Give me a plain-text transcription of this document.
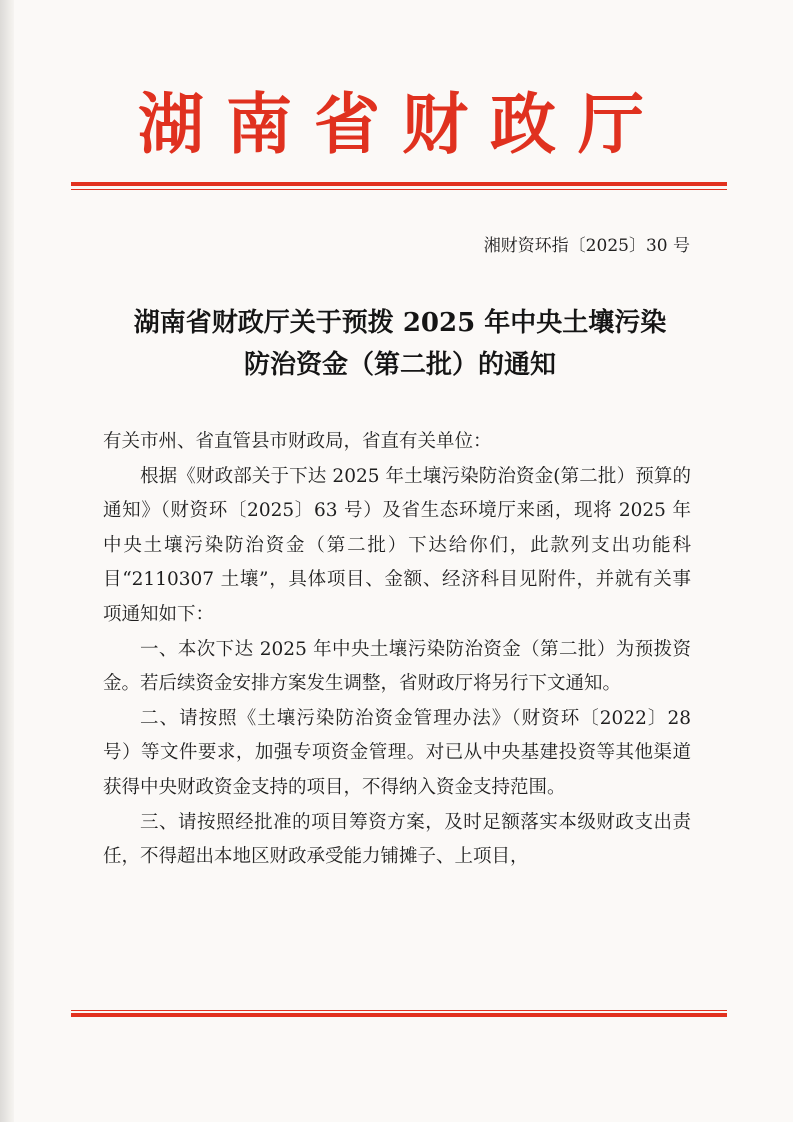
湖南省财政厅
湘财资环指〔2025〕30 号
湖南省财政厅关于预拨 2025 年中央土壤污染
防治资金（第二批）的通知

有关市州、省直管县市财政局，省直有关单位：

根据《财政部关于下达 2025 年土壤污染防治资金(第二批）预算的通知》（财资环〔2025〕63 号）及省生态环境厅来函，现将 2025 年中央土壤污染防治资金（第二批）下达给你们，此款列支出功能科目“2110307 土壤”，具体项目、金额、经济科目见附件，并就有关事项通知如下：

一、本次下达 2025 年中央土壤污染防治资金（第二批）为预拨资金。若后续资金安排方案发生调整，省财政厅将另行下文通知。

二、请按照《土壤污染防治资金管理办法》（财资环〔2022〕28 号）等文件要求，加强专项资金管理。对已从中央基建投资等其他渠道获得中央财政资金支持的项目，不得纳入资金支持范围。

三、请按照经批准的项目筹资方案，及时足额落实本级财政支出责任，不得超出本地区财政承受能力铺摊子、上项目，
